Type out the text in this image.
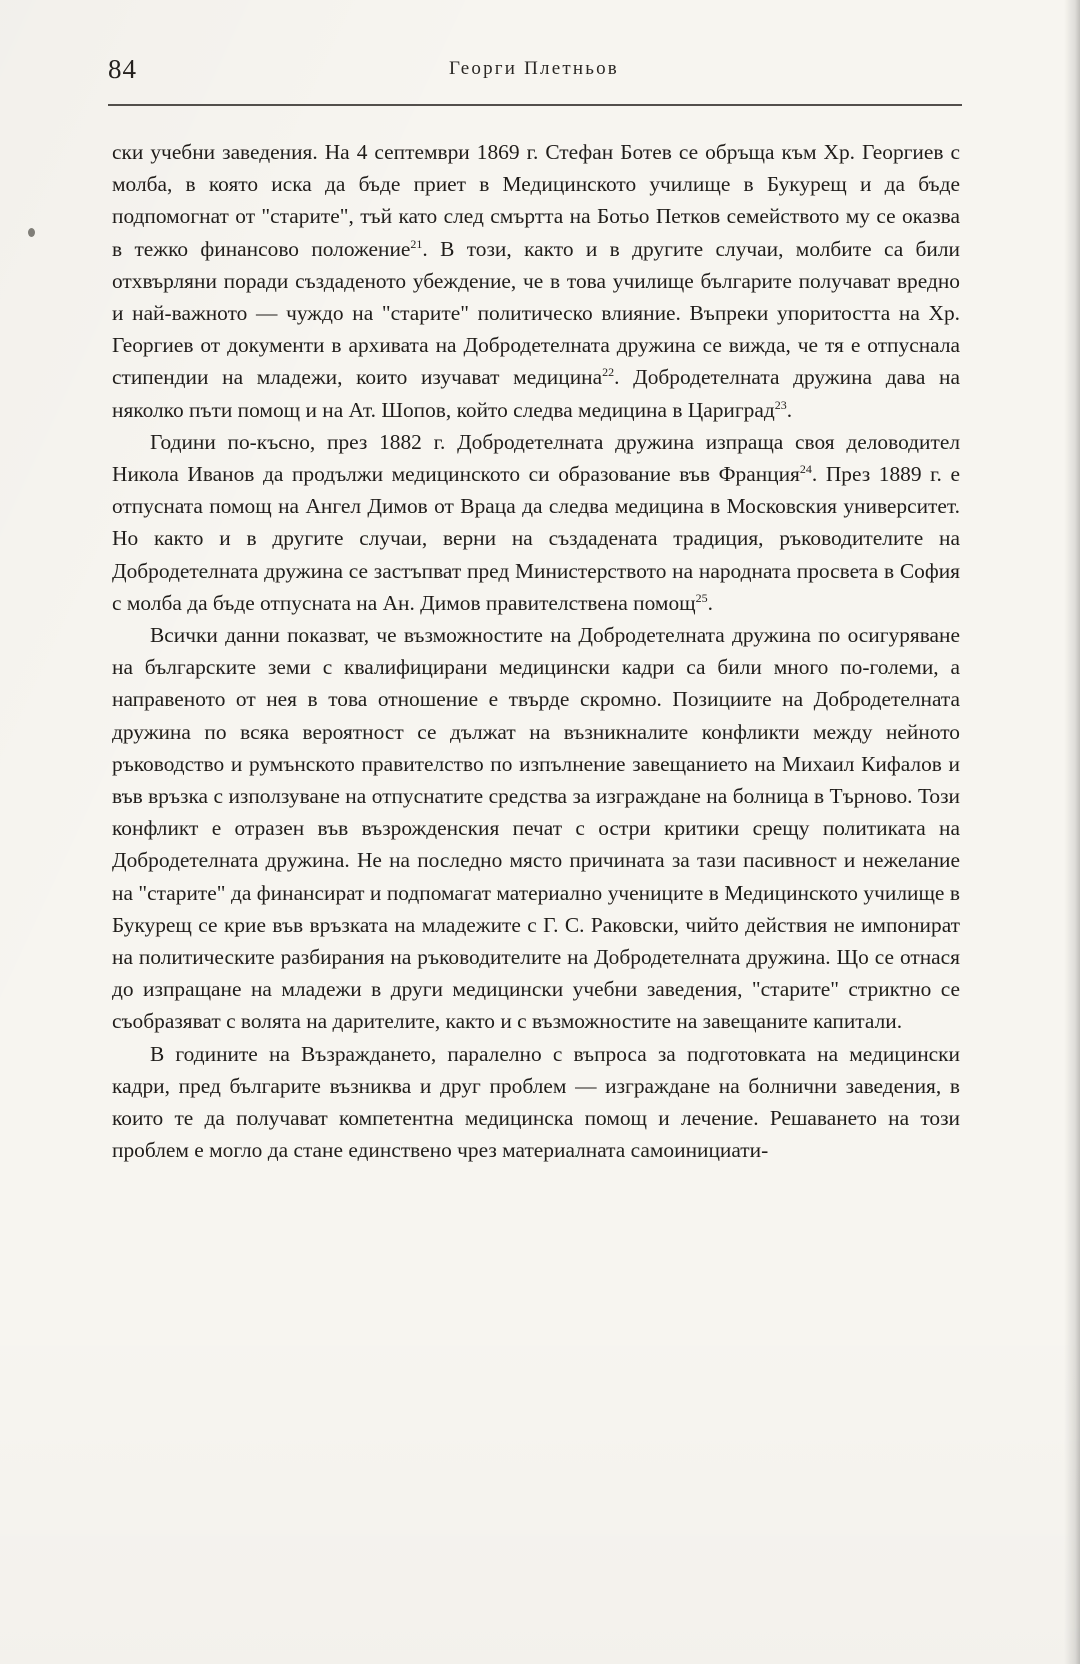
84	Георги Плетньов

ски учебни заведения. На 4 септември 1869 г. Стефан Ботев се обръща към Хр. Георгиев с молба, в която иска да бъде приет в Медицинското училище в Букурещ и да бъде подпомогнат от "старите", тъй като след смъртта на Ботьо Петков семейството му се оказва в тежко финансово положение$^{21}$. В този, както и в другите случаи, молбите са били отхвърляни поради създаденото убеждение, че в това училище българите получават вредно и най-важното — чуждо на "старите" политическо влияние. Въпреки упоритостта на Хр. Георгиев от документи в архивата на Добродетелната дружина се вижда, че тя е отпуснала стипендии на младежи, които изучават медицина$^{22}$. Добродетелната дружина дава на няколко пъти помощ и на Ат. Шопов, който следва медицина в Цариград$^{23}$.

Години по-късно, през 1882 г. Добродетелната дружина изпраща своя деловодител Никола Иванов да продължи медицинското си образование във Франция$^{24}$. През 1889 г. е отпусната помощ на Ангел Димов от Враца да следва медицина в Московския университет. Но както и в другите случаи, верни на създадената традиция, ръководителите на Добродетелната дружина се застъпват пред Министерството на народната просвета в София с молба да бъде отпусната на Ан. Димов правителствена помощ$^{25}$.

Всички данни показват, че възможностите на Добродетелната дружина по осигуряване на българските земи с квалифицирани медицински кадри са били много по-големи, а направеното от нея в това отношение е твърде скромно. Позициите на Добродетелната дружина по всяка вероятност се дължат на възникналите конфликти между нейното ръководство и румънското правителство по изпълнение завещанието на Михаил Кифалов и във връзка с използуване на отпуснатите средства за изграждане на болница в Търново. Този конфликт е отразен във възрожденския печат с остри критики срещу политиката на Добродетелната дружина. Не на последно място причината за тази пасивност и нежелание на "старите" да финансират и подпомагат материално учениците в Медицинското училище в Букурещ се крие във връзката на младежите с Г. С. Раковски, чийто действия не импонират на политическите разбирания на ръководителите на Добродетелната дружина. Що се отнася до изпращане на младежи в други медицински учебни заведения, "старите" стриктно се съобразяват с волята на дарителите, както и с възможностите на завещаните капитали.

В годините на Възраждането, паралелно с въпроса за подготовката на медицински кадри, пред българите възниква и друг проблем — изграждане на болнични заведения, в които те да получават компетентна медицинска помощ и лечение. Решаването на този проблем е могло да стане единствено чрез материалната самоинициати-
